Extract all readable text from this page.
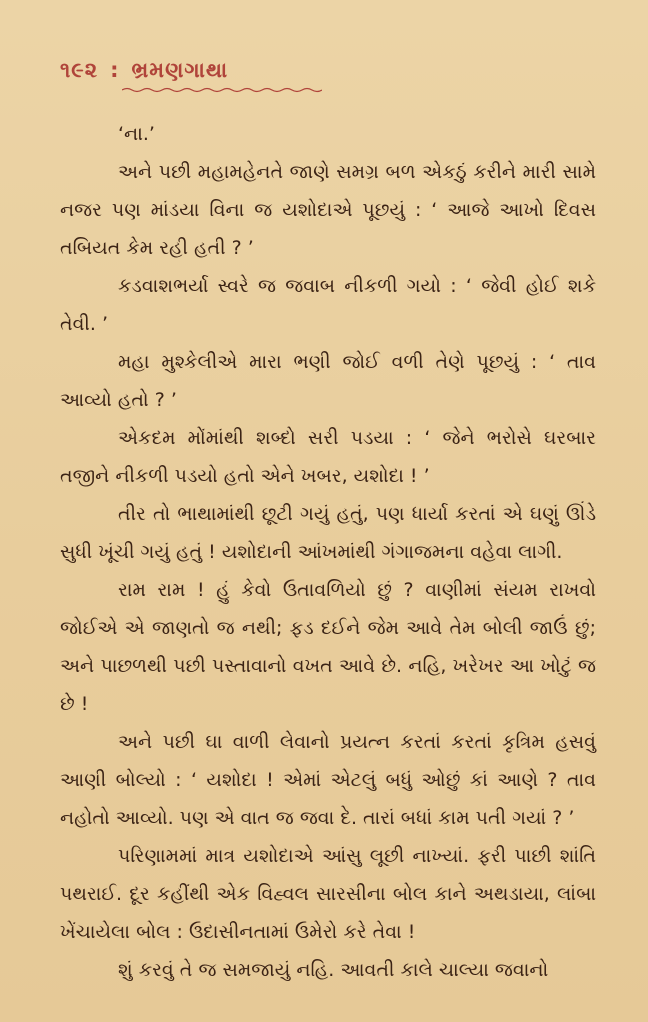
૧૯૨ : ભ્રમણગાથા

‘ના.’

અને પછી મહામહેનતે જાણે સમગ્ર બળ એકઠું કરીને મારી સામે નજર પણ માંડયા વિના જ યશોદાએ પૂછયું : ‘ આજે આખો દિવસ તબિયત કેમ રહી હતી ? ’

કડવાશભર્યા સ્વરે જ જવાબ નીકળી ગયો : ‘ જેવી હોઈ શકે તેવી. ’

મહા મુશ્કેલીએ મારા ભણી જોઈ વળી તેણે પૂછયું : ‘ તાવ આવ્યો હતો ? ’

એકદમ મોંમાંથી શબ્દો સરી પડયા : ‘ જેને ભરોસે ઘરબાર તજીને નીકળી પડયો હતો એને ખબર, યશોદા ! ’

તીર તો ભાથામાંથી છૂટી ગયું હતું, પણ ધાર્યા કરતાં એ ઘણું ઊંડે સુધી ખૂંચી ગયું હતું ! યશોદાની આંખમાંથી ગંગાજમના વહેવા લાગી.

રામ રામ ! હું કેવો ઉતાવળિયો છું ? વાણીમાં સંયમ રાખવો જોઈએ એ જાણતો જ નથી; ફડ દઈને જેમ આવે તેમ બોલી જાઉં છું; અને પાછળથી પછી પસ્તાવાનો વખત આવે છે. નહિ, ખરેખર આ ખોટું જ છે !

અને પછી ઘા વાળી લેવાનો પ્રયત્ન કરતાં કરતાં કૃત્રિમ હસવું આણી બોલ્યો : ‘ યશોદા ! એમાં એટલું બધું ઓછું કાં આણે ? તાવ નહોતો આવ્યો. પણ એ વાત જ જવા દે. તારાં બધાં કામ પતી ગયાં ? ’

પરિણામમાં માત્ર યશોદાએ આંસુ લૂછી નાખ્યાં. ફરી પાછી શાંતિ પથરાઈ. દૂર કહીંથી એક વિહ્વલ સારસીના બોલ કાને અથડાયા, લાંબા ખેંચાયેલા બોલ : ઉદાસીનતામાં ઉમેરો કરે તેવા !

શું કરવું તે જ સમજાયું નહિ. આવતી કાલે ચાલ્યા જવાનો
